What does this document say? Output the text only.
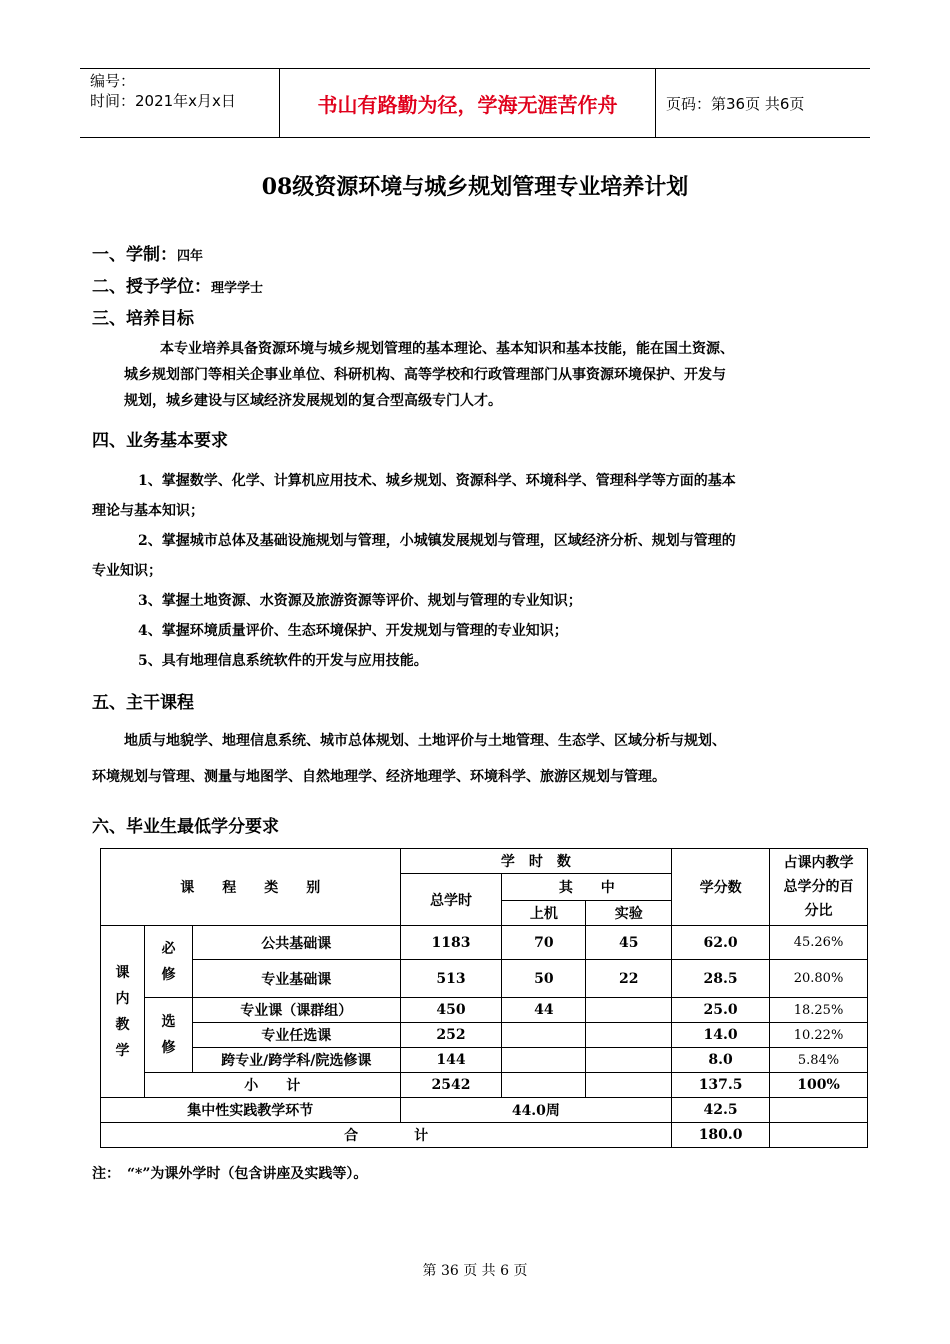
编号：
时间：2021年x月x日	书山有路勤为径，学海无涯苦作舟	页码：第36页 共6页
08级资源环境与城乡规划管理专业培养计划
一、学制：四年
二、授予学位：理学学士
三、培养目标
本专业培养具备资源环境与城乡规划管理的基本理论、基本知识和基本技能，能在国土资源、
城乡规划部门等相关企事业单位、科研机构、高等学校和行政管理部门从事资源环境保护、开发与
规划，城乡建设与区域经济发展规划的复合型高级专门人才。
四、业务基本要求
1、掌握数学、化学、计算机应用技术、城乡规划、资源科学、环境科学、管理科学等方面的基本
理论与基本知识；
2、掌握城市总体及基础设施规划与管理，小城镇发展规划与管理，区域经济分析、规划与管理的
专业知识；
3、掌握土地资源、水资源及旅游资源等评价、规划与管理的专业知识；
4、掌握环境质量评价、生态环境保护、开发规划与管理的专业知识；
5、具有地理信息系统软件的开发与应用技能。
五、主干课程
地质与地貌学、地理信息系统、城市总体规划、土地评价与土地管理、生态学、区域分析与规划、
环境规划与管理、测量与地图学、自然地理学、经济地理学、环境科学、旅游区规划与管理。
六、毕业生最低学分要求
课　　程　　类　　别			学　时　数			学分数	占课内教学总学分的百分比
			总学时	其　　中			
				上机	实验		
课内教学	必修	公共基础课	1183	70	45	62.0	45.26%
		专业基础课	513	50	22	28.5	20.80%
	选修	专业课（课群组）	450	44		25.0	18.25%
		专业任选课	252			14.0	10.22%
		跨专业/跨学科/院选修课	144			8.0	5.84%
	小　　计		2542			137.5	100%
集中性实践教学环节			44.0周			42.5	
合　　　　计						180.0	
注：　“*”为课外学时（包含讲座及实践等）。
第 36 页 共 6 页
